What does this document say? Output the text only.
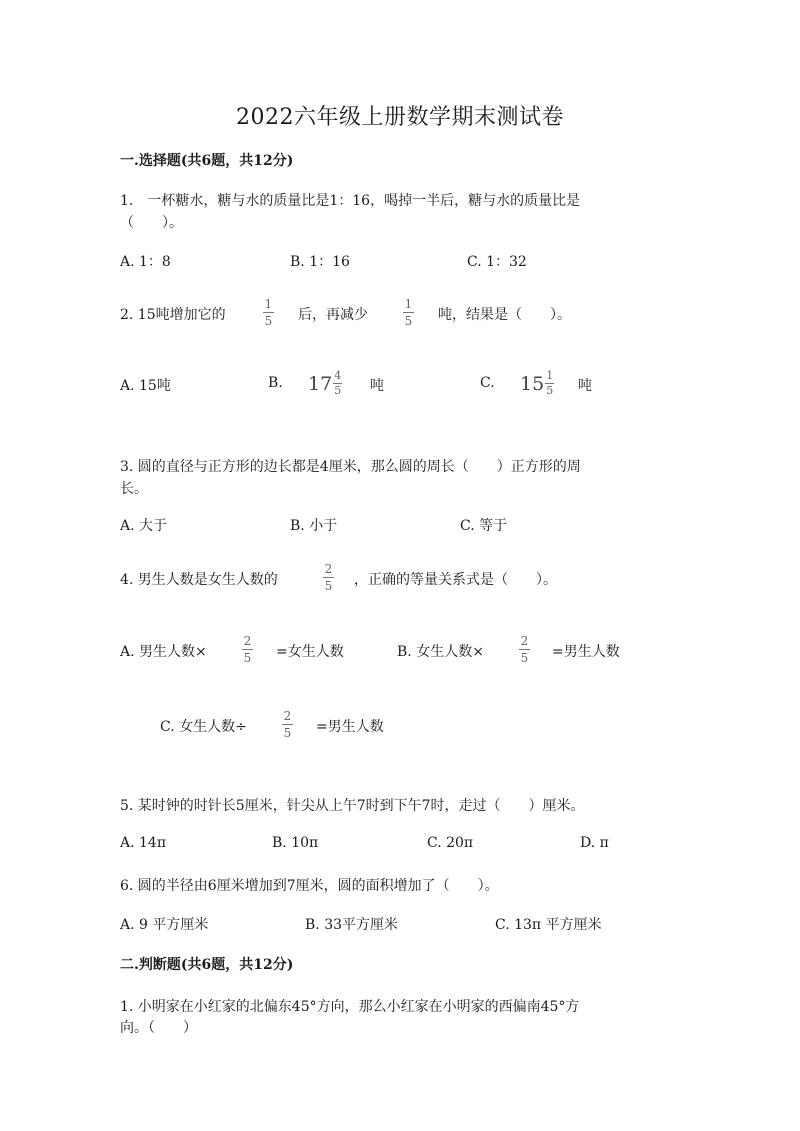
2022六年级上册数学期末测试卷
一.选择题(共6题，共12分)
1.　一杯糖水，糖与水的质量比是1：16，喝掉一半后，糖与水的质量比是
（　　）。
A. 1：8	B. 1：16	C. 1：32
2. 15吨增加它的
1
5 后，再减少
1
5 吨，结果是（　　）。
A. 15吨	B. $17 \frac{4}{5}$ 吨	C. $15 \frac{1}{5}$ 吨
3. 圆的直径与正方形的边长都是4厘米，那么圆的周长（　　）正方形的周
长。
A. 大于	B. 小于	C. 等于
4. 男生人数是女生人数的
2
5 ，正确的等量关系式是（　　）。
A. 男生人数×
2
5 =女生人数	B. 女生人数×
2
5 =男生人数
C. 女生人数÷
2
5 =男生人数
5. 某时钟的时针长5厘米，针尖从上午7时到下午7时，走过（　　）厘米。
A. 14π	B. 10π	C. 20π	D. π
6. 圆的半径由6厘米增加到7厘米，圆的面积增加了（　　）。
A. 9 平方厘米	B. 33平方厘米	C. 13π 平方厘米
二.判断题(共6题，共12分)
1. 小明家在小红家的北偏东45°方向，那么小红家在小明家的西偏南45°方
向。（　　）
